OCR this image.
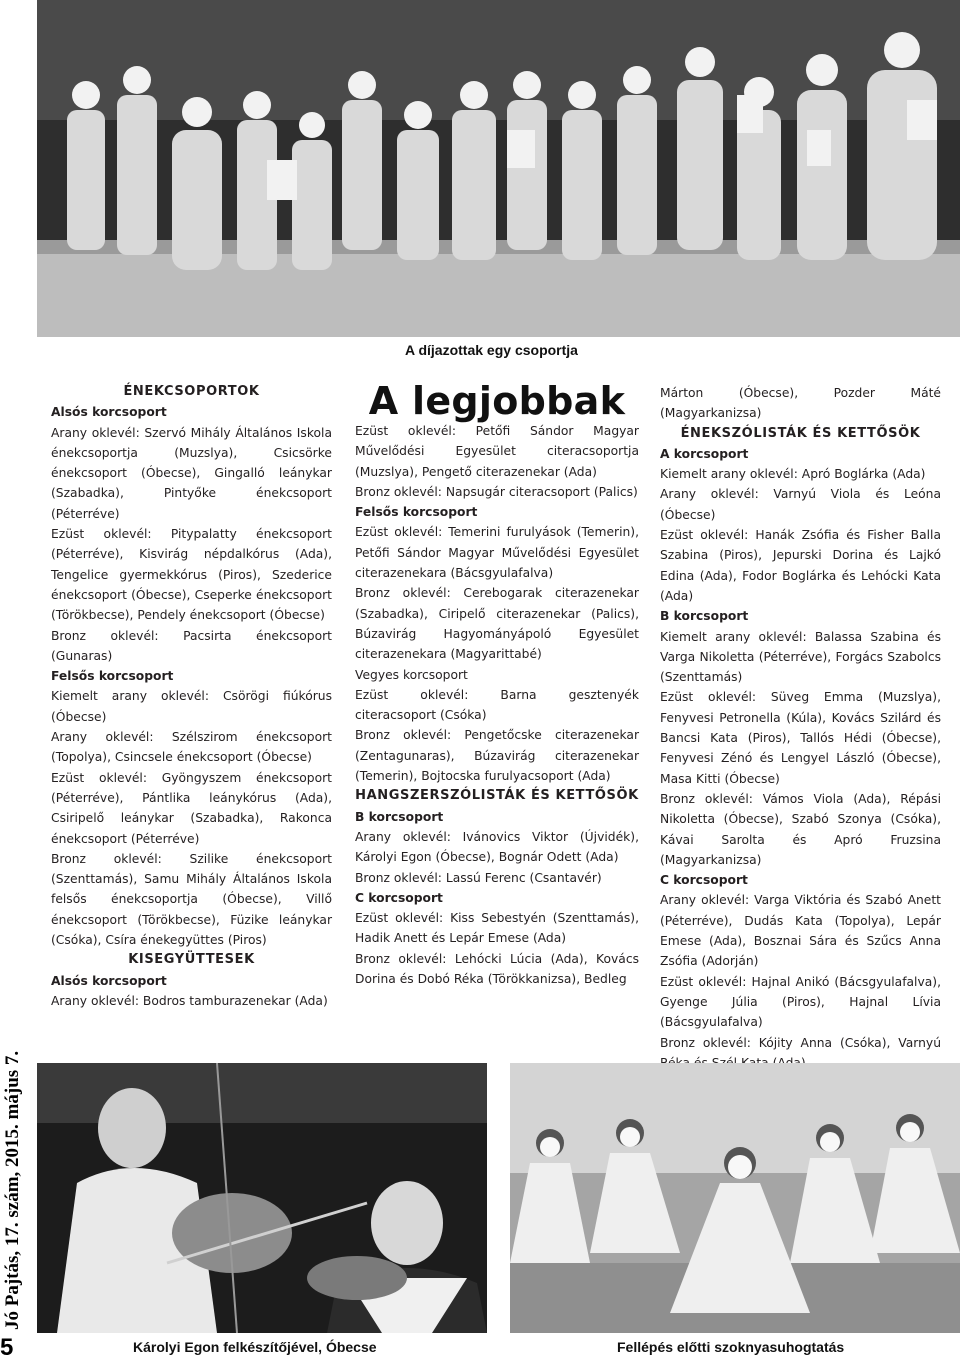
A díjazottak egy csoportja

ÉNEKCSOPORTOK

Alsós korcsoport

Arany oklevél: Szervó Mihály Általános Iskola énekcsoportja (Muzslya), Csicsörke énekcsoport (Óbecse), Gingalló leánykar (Szabadka), Pintyőke énekcsoport (Péterréve)

Ezüst oklevél: Pitypalatty énekcsoport (Péterréve), Kisvirág népdalkórus (Ada), Tengelice gyermekkórus (Piros), Szederice énekcsoport (Óbecse), Cseperke énekcsoport (Törökbecse), Pendely énekcsoport (Óbecse)

Bronz oklevél: Pacsirta énekcsoport (Gunaras)

Felsős korcsoport

Kiemelt arany oklevél: Csörögi fiúkórus (Óbecse)

Arany oklevél: Szélszirom énekcsoport (Topolya), Csincsele énekcsoport (Óbecse)

Ezüst oklevél: Gyöngyszem énekcsoport (Péterréve), Pántlika leánykórus (Ada), Csiripelő leánykar (Szabadka), Rakonca énekcsoport (Péterréve)

Bronz oklevél: Szilike énekcsoport (Szenttamás), Samu Mihály Általános Iskola felsős énekcsoportja (Óbecse), Villő énekcsoport (Törökbecse), Füzike leánykar (Csóka), Csíra énekegyüttes (Piros)

KISEGYÜTTESEK

Alsós korcsoport

Arany oklevél: Bodros tamburazenekar (Ada)

A legjobbak

Ezüst oklevél: Petőfi Sándor Magyar Művelődési Egyesület citeracsoportja (Muzslya), Pengető citerazenekar (Ada)

Bronz oklevél: Napsugár citeracsoport (Palics)

Felsős korcsoport

Ezüst oklevél: Temerini furulyások (Temerin), Petőfi Sándor Magyar Művelődési Egyesület citerazenekara (Bácsgyulafalva)

Bronz oklevél: Cerebogarak citerazenekar (Szabadka), Ciripelő citerazenekar (Palics), Búzavirág Hagyományápoló Egyesület citerazenekara (Magyarittabé)

Vegyes korcsoport

Ezüst oklevél: Barna gesztenyék citeracsoport (Csóka)

Bronz oklevél: Pengetőcske citerazenekar (Zentagunaras), Búzavirág citerazenekar (Temerin), Bojtocska furulyacsoport (Ada)

HANGSZERSZÓLISTÁK ÉS KETTŐSÖK

B korcsoport

Arany oklevél: Ivánovics Viktor (Újvidék), Károlyi Egon (Óbecse), Bognár Odett (Ada)

Bronz oklevél: Lassú Ferenc (Csantavér)

C korcsoport

Ezüst oklevél: Kiss Sebestyén (Szenttamás), Hadik Anett és Lepár Emese (Ada)

Bronz oklevél: Lehócki Lúcia (Ada), Kovács Dorina és Dobó Réka (Törökkanizsa), Bedleg

Márton (Óbecse), Pozder Máté (Magyarkanizsa)

ÉNEKSZÓLISTÁK ÉS KETTŐSÖK

A korcsoport

Kiemelt arany oklevél: Apró Boglárka (Ada)

Arany oklevél: Varnyú Viola és Leóna (Óbecse)

Ezüst oklevél: Hanák Zsófia és Fisher Balla Szabina (Piros), Jepurski Dorina és Lajkó Edina (Ada), Fodor Boglárka és Lehócki Kata (Ada)

B korcsoport

Kiemelt arany oklevél: Balassa Szabina és Varga Nikoletta (Péterréve), Forgács Szabolcs (Szenttamás)

Ezüst oklevél: Süveg Emma (Muzslya), Fenyvesi Petronella (Kúla), Kovács Szilárd és Bancsi Kata (Piros), Tallós Hédi (Óbecse), Fenyvesi Zénó és Lengyel László (Óbecse), Masa Kitti (Óbecse)

Bronz oklevél: Vámos Viola (Ada), Répási Nikoletta (Óbecse), Szabó Szonya (Csóka), Kávai Sarolta és Apró Fruzsina (Magyarkanizsa)

C korcsoport

Arany oklevél: Varga Viktória és Szabó Anett (Péterréve), Dudás Kata (Topolya), Lepár Emese (Ada), Bosznai Sára és Szűcs Anna Zsófia (Adorján)

Ezüst oklevél: Hajnal Anikó (Bácsgyulafalva), Gyenge Júlia (Piros), Hajnal Lívia (Bácsgyulafalva)

Bronz oklevél: Kójity Anna (Csóka), Varnyú

Károlyi Egon felkészítőjével, Óbecse	Fellépés előtti szoknyasuhogtatás
Jó Pajtás, 17. szám, 2015. május 7.
5
